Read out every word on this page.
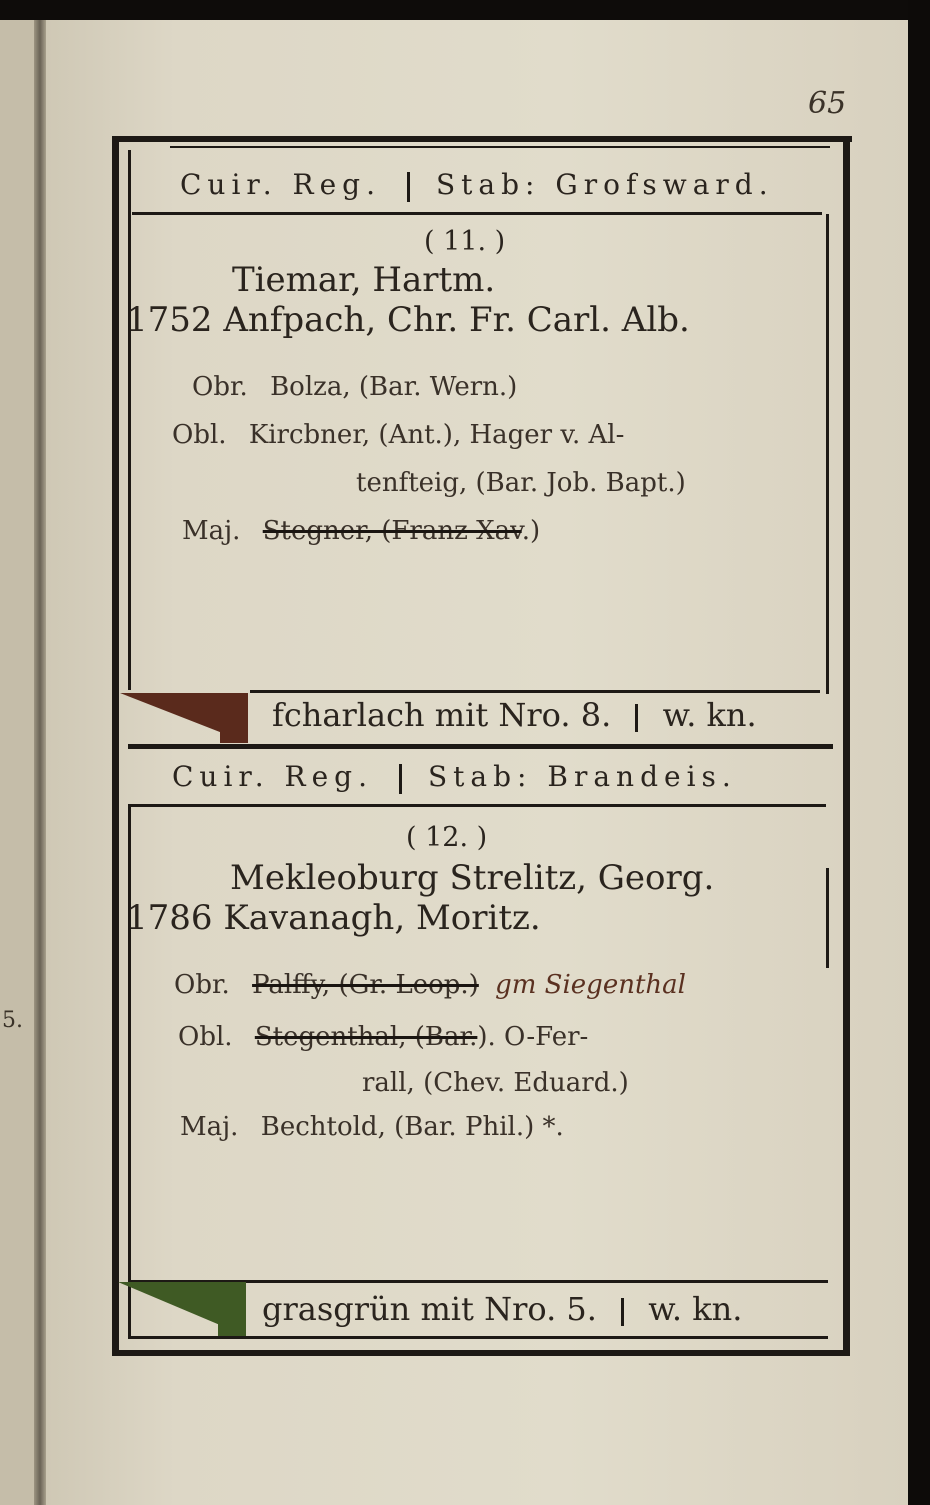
5.
65
Cuir. Reg. Stab: Grofsward.
( 11. )
Tiemar, Hartm.
1752 Anfpach, Chr. Fr. Carl. Alb.
Obr. Bolza, (Bar. Wern.)
Obl. Kircbner, (Ant.), Hager v. Al-
tenfteig, (Bar. Job. Bapt.)
Maj. Stegner, (Franz Xav.)
fcharlach mit Nro. 8. w. kn.
Cuir. Reg. Stab: Brandeis.
( 12. )
Mekleoburg Strelitz, Georg.
1786 Kavanagh, Moritz.
Obr. Palffy, (Gr. Leop.) gm Siegenthal
Obl. Stegenthal, (Bar.). O-Fer-
rall, (Chev. Eduard.)
Maj. Bechtold, (Bar. Phil.) *.
grasgrün mit Nro. 5. w. kn.
